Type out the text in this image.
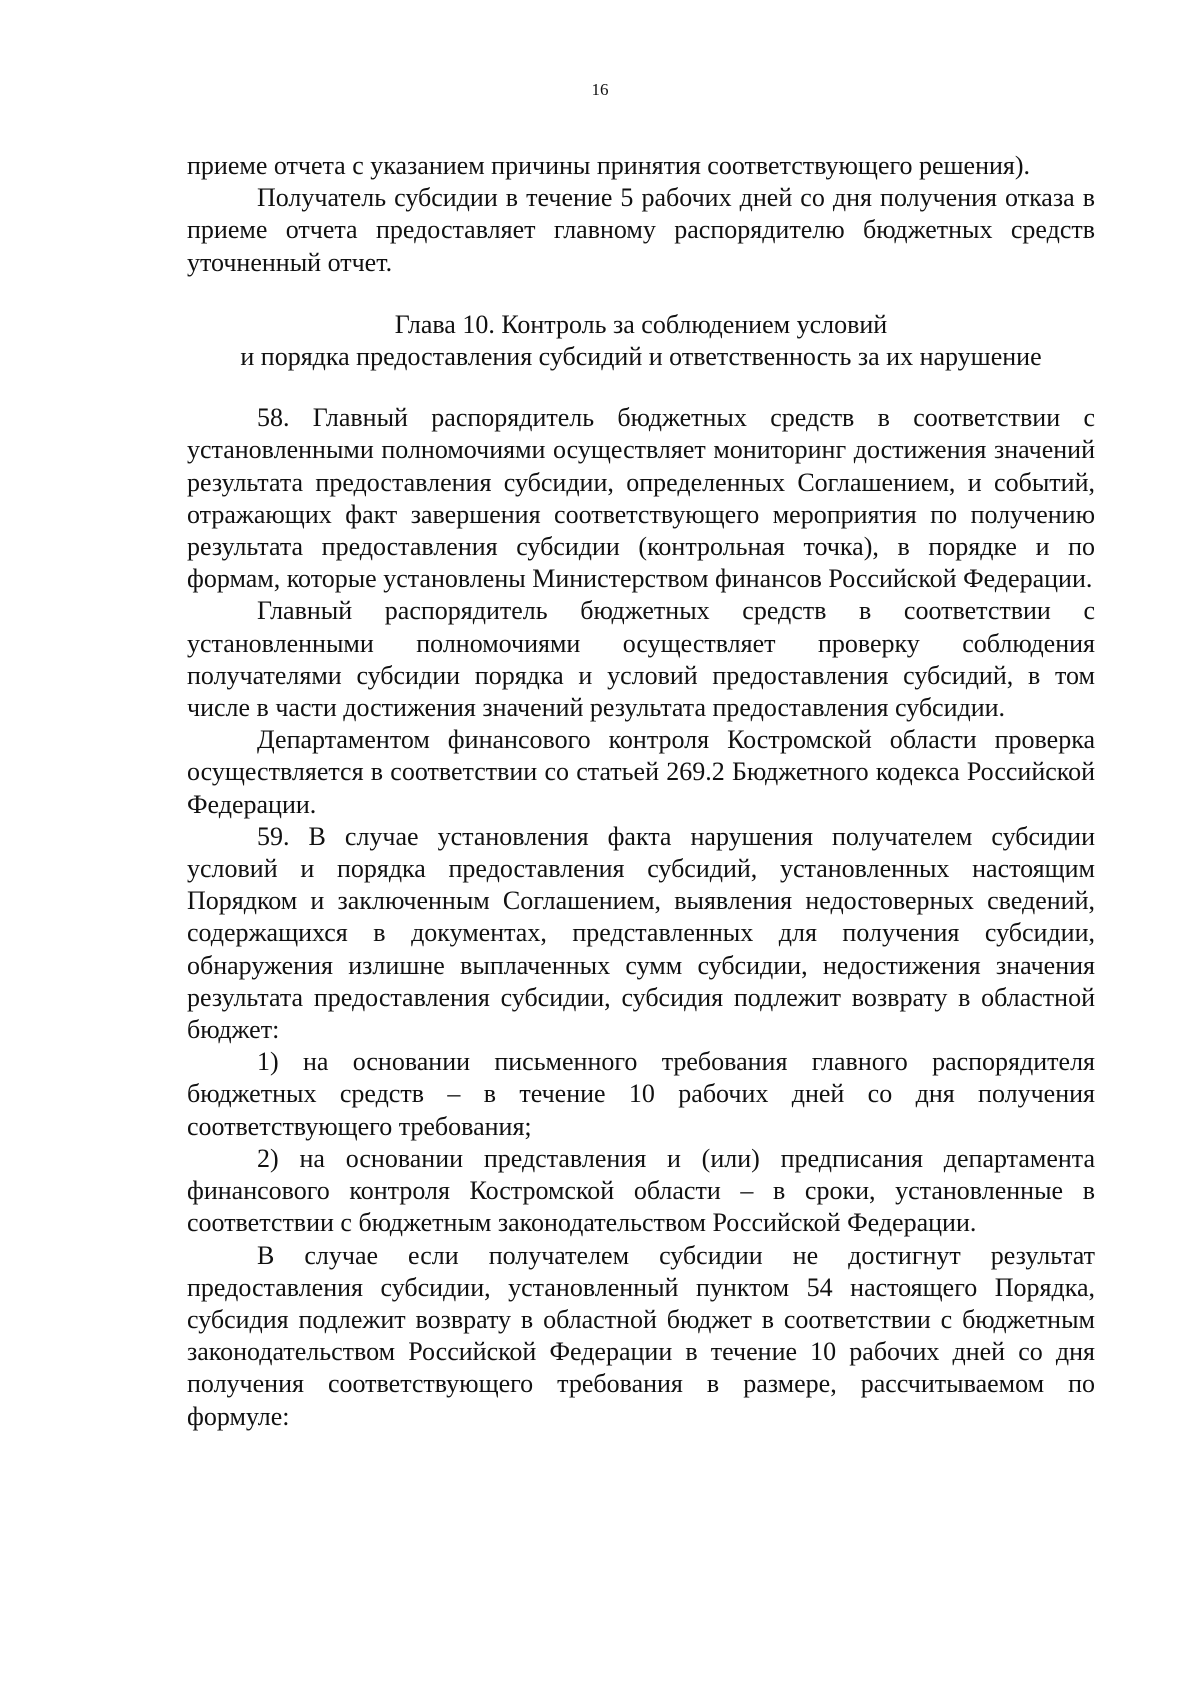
16

приеме отчета с указанием причины принятия соответствующего решения).

Получатель субсидии в течение 5 рабочих дней со дня получения отказа в приеме отчета предоставляет главному распорядителю бюджетных средств уточненный отчет.

Глава 10. Контроль за соблюдением условий
и порядка предоставления субсидий и ответственность за их нарушение

58. Главный распорядитель бюджетных средств в соответствии с установленными полномочиями осуществляет мониторинг достижения значений результата предоставления субсидии, определенных Соглашением, и событий, отражающих факт завершения соответствующего мероприятия по получению результата предоставления субсидии (контрольная точка), в порядке и по формам, которые установлены Министерством финансов Российской Федерации.

Главный распорядитель бюджетных средств в соответствии с установленными полномочиями осуществляет проверку соблюдения получателями субсидии порядка и условий предоставления субсидий, в том числе в части достижения значений результата предоставления субсидии.

Департаментом финансового контроля Костромской области проверка осуществляется в соответствии со статьей 269.2 Бюджетного кодекса Российской Федерации.

59. В случае установления факта нарушения получателем субсидии условий и порядка предоставления субсидий, установленных настоящим Порядком и заключенным Соглашением, выявления недостоверных сведений, содержащихся в документах, представленных для получения субсидии, обнаружения излишне выплаченных сумм субсидии, недостижения значения результата предоставления субсидии, субсидия подлежит возврату в областной бюджет:

1) на основании письменного требования главного распорядителя бюджетных средств – в течение 10 рабочих дней со дня получения соответствующего требования;

2) на основании представления и (или) предписания департамента финансового контроля Костромской области – в сроки, установленные в соответствии с бюджетным законодательством Российской Федерации.

В случае если получателем субсидии не достигнут результат предоставления субсидии, установленный пунктом 54 настоящего Порядка, субсидия подлежит возврату в областной бюджет в соответствии с бюджетным законодательством Российской Федерации в течение 10 рабочих дней со дня получения соответствующего требования в размере, рассчитываемом по формуле:
